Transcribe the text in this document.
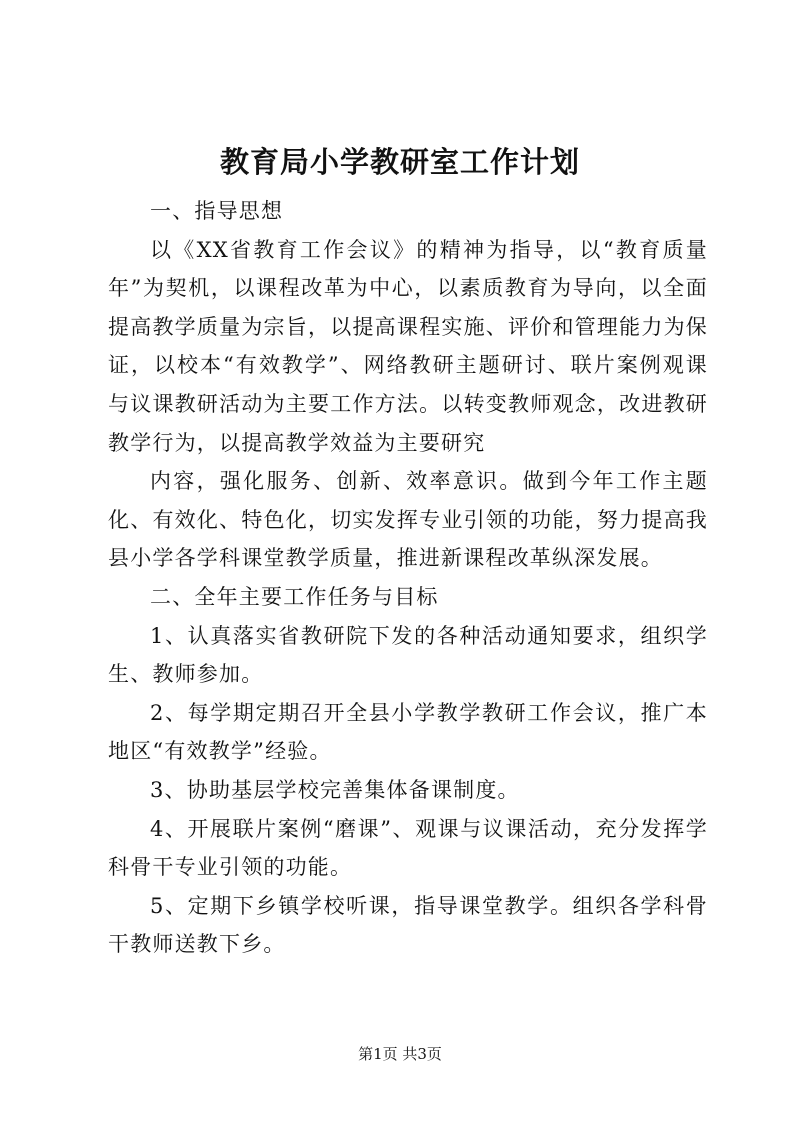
教育局小学教研室工作计划

一、指导思想

以《XX省教育工作会议》的精神为指导，以“教育质量年”为契机，以课程改革为中心，以素质教育为导向，以全面提高教学质量为宗旨，以提高课程实施、评价和管理能力为保证，以校本“有效教学”、网络教研主题研讨、联片案例观课与议课教研活动为主要工作方法。以转变教师观念，改进教研教学行为，以提高教学效益为主要研究

内容，强化服务、创新、效率意识。做到今年工作主题化、有效化、特色化，切实发挥专业引领的功能，努力提高我县小学各学科课堂教学质量，推进新课程改革纵深发展。

二、全年主要工作任务与目标

1、认真落实省教研院下发的各种活动通知要求，组织学生、教师参加。

2、每学期定期召开全县小学教学教研工作会议，推广本地区“有效教学”经验。

3、协助基层学校完善集体备课制度。

4、开展联片案例“磨课”、观课与议课活动，充分发挥学科骨干专业引领的功能。

5、定期下乡镇学校听课，指导课堂教学。组织各学科骨干教师送教下乡。

第1页 共3页
